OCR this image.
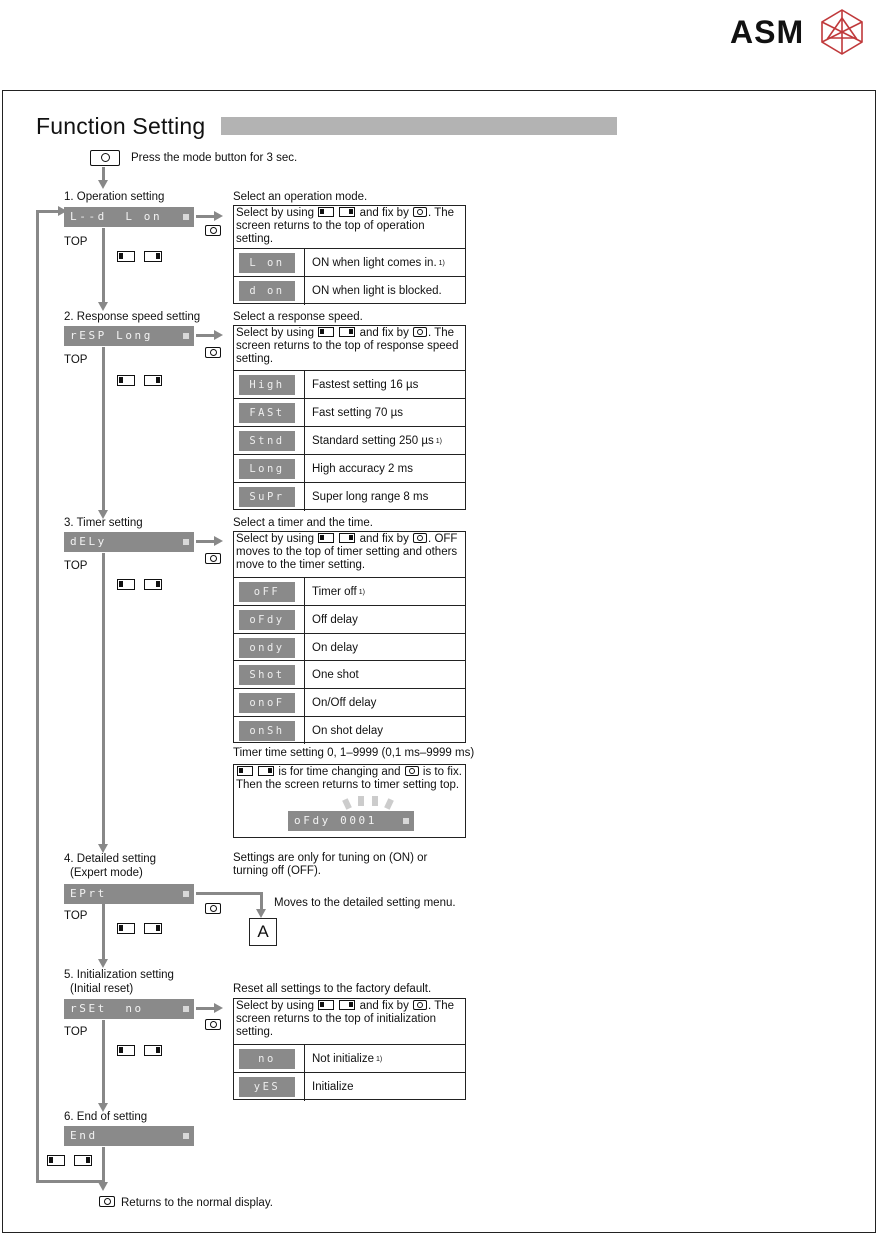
ASM
Function Setting
Press the mode button for 3 sec.
1. Operation setting
L--d  L on
TOP
Select an operation mode.
Select by using	and fix by . The screen returns to the top of operation setting.
L on	ON when light comes in. 1)
d on	ON when light is blocked.
2. Response speed setting
rESP Long
TOP
Select a response speed.
Select by using	and fix by . The screen returns to the top of response speed setting.
High	Fastest setting 16 µs
FASt	Fast setting 70 µs
Stnd	Standard setting 250 µs 1)
Long	High accuracy 2 ms
SuPr	Super long range 8 ms
3. Timer setting
dELy
TOP
Select a timer and the time.
Select by using	and fix by . OFF moves to the top of timer setting and others move to the timer setting.
oFF	Timer off 1)
oFdy	Off delay
ondy	On delay
Shot	One shot
onoF	On/Off delay
onSh	On shot delay
Timer time setting 0, 1–9999 (0,1 ms–9999 ms)
is for time changing and is to fix. Then the screen returns to timer setting top.
oFdy 0001
4. Detailed setting
(Expert mode)
Settings are only for tuning on (ON) or turning off (OFF).
EPrt
TOP
Moves to the detailed setting menu.
A
5. Initialization setting
(Initial reset)
rSEt  no
TOP
Reset all settings to the factory default.
Select by using	and fix by . The screen returns to the top of initialization setting.
no	Not initialize 1)
yES	Initialize
6. End of setting
End
Returns to the normal display.
